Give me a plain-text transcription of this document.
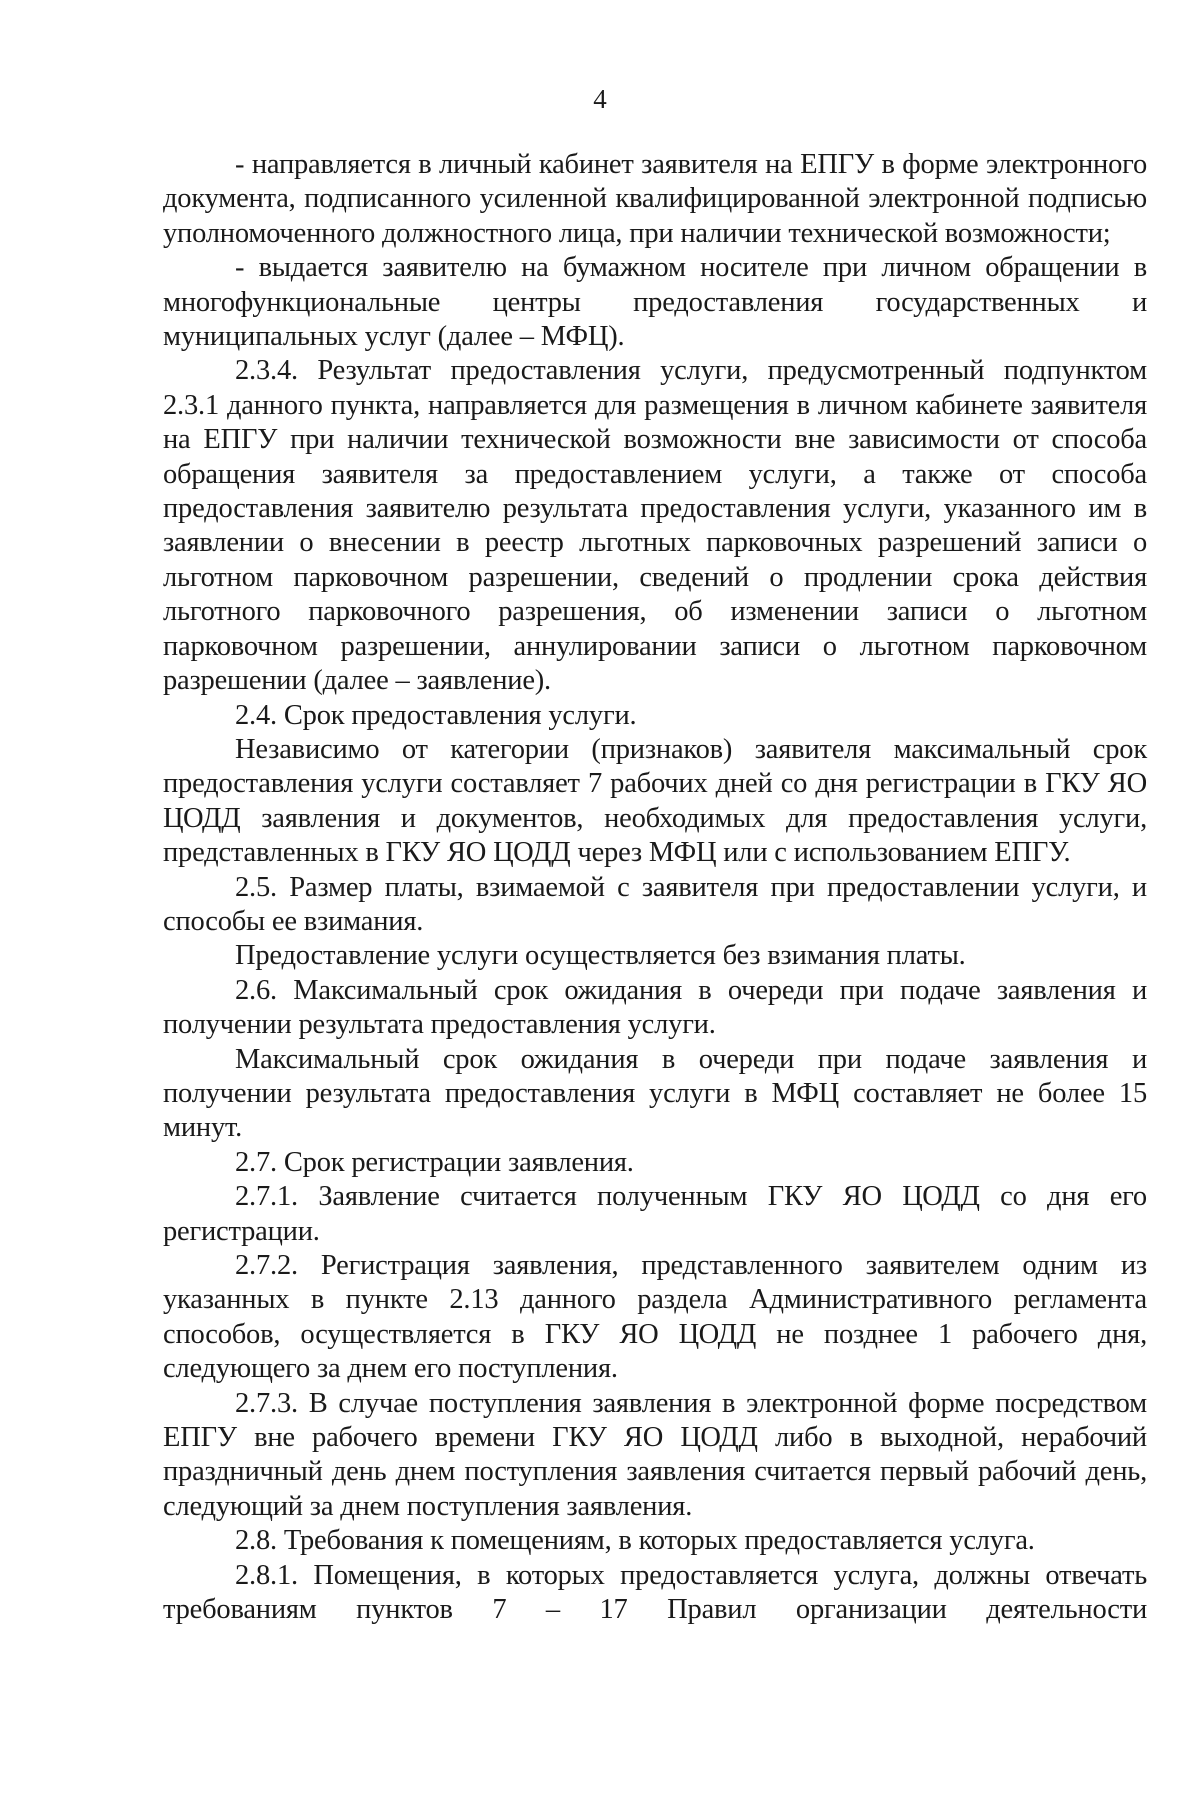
4

- направляется в личный кабинет заявителя на ЕПГУ в форме электронного документа, подписанного усиленной квалифицированной электронной подписью уполномоченного должностного лица, при наличии технической возможности;

- выдается заявителю на бумажном носителе при личном обращении в многофункциональные центры предоставления государственных и муниципальных услуг (далее – МФЦ).

2.3.4. Результат предоставления услуги, предусмотренный подпунктом 2.3.1 данного пункта, направляется для размещения в личном кабинете заявителя на ЕПГУ при наличии технической возможности вне зависимости от способа обращения заявителя за предоставлением услуги, а также от способа предоставления заявителю результата предоставления услуги, указанного им в заявлении о внесении в реестр льготных парковочных разрешений записи о льготном парковочном разрешении, сведений о продлении срока действия льготного парковочного разрешения, об изменении записи о льготном парковочном разрешении, аннулировании записи о льготном парковочном разрешении (далее – заявление).

2.4. Срок предоставления услуги.

Независимо от категории (признаков) заявителя максимальный срок предоставления услуги составляет 7 рабочих дней со дня регистрации в ГКУ ЯО ЦОДД заявления и документов, необходимых для предоставления услуги, представленных в ГКУ ЯО ЦОДД через МФЦ или с использованием ЕПГУ.

2.5. Размер платы, взимаемой с заявителя при предоставлении услуги, и способы ее взимания.

Предоставление услуги осуществляется без взимания платы.

2.6. Максимальный срок ожидания в очереди при подаче заявления и получении результата предоставления услуги.

Максимальный срок ожидания в очереди при подаче заявления и получении результата предоставления услуги в МФЦ составляет не более 15 минут.

2.7. Срок регистрации заявления.

2.7.1. Заявление считается полученным ГКУ ЯО ЦОДД со дня его регистрации.

2.7.2. Регистрация заявления, представленного заявителем одним из указанных в пункте 2.13 данного раздела Административного регламента способов, осуществляется в ГКУ ЯО ЦОДД не позднее 1 рабочего дня, следующего за днем его поступления.

2.7.3. В случае поступления заявления в электронной форме посредством ЕПГУ вне рабочего времени ГКУ ЯО ЦОДД либо в выходной, нерабочий праздничный день днем поступления заявления считается первый рабочий день, следующий за днем поступления заявления.

2.8. Требования к помещениям, в которых предоставляется услуга.

2.8.1. Помещения, в которых предоставляется услуга, должны отвечать требованиям пунктов 7 – 17 Правил организации деятельности
